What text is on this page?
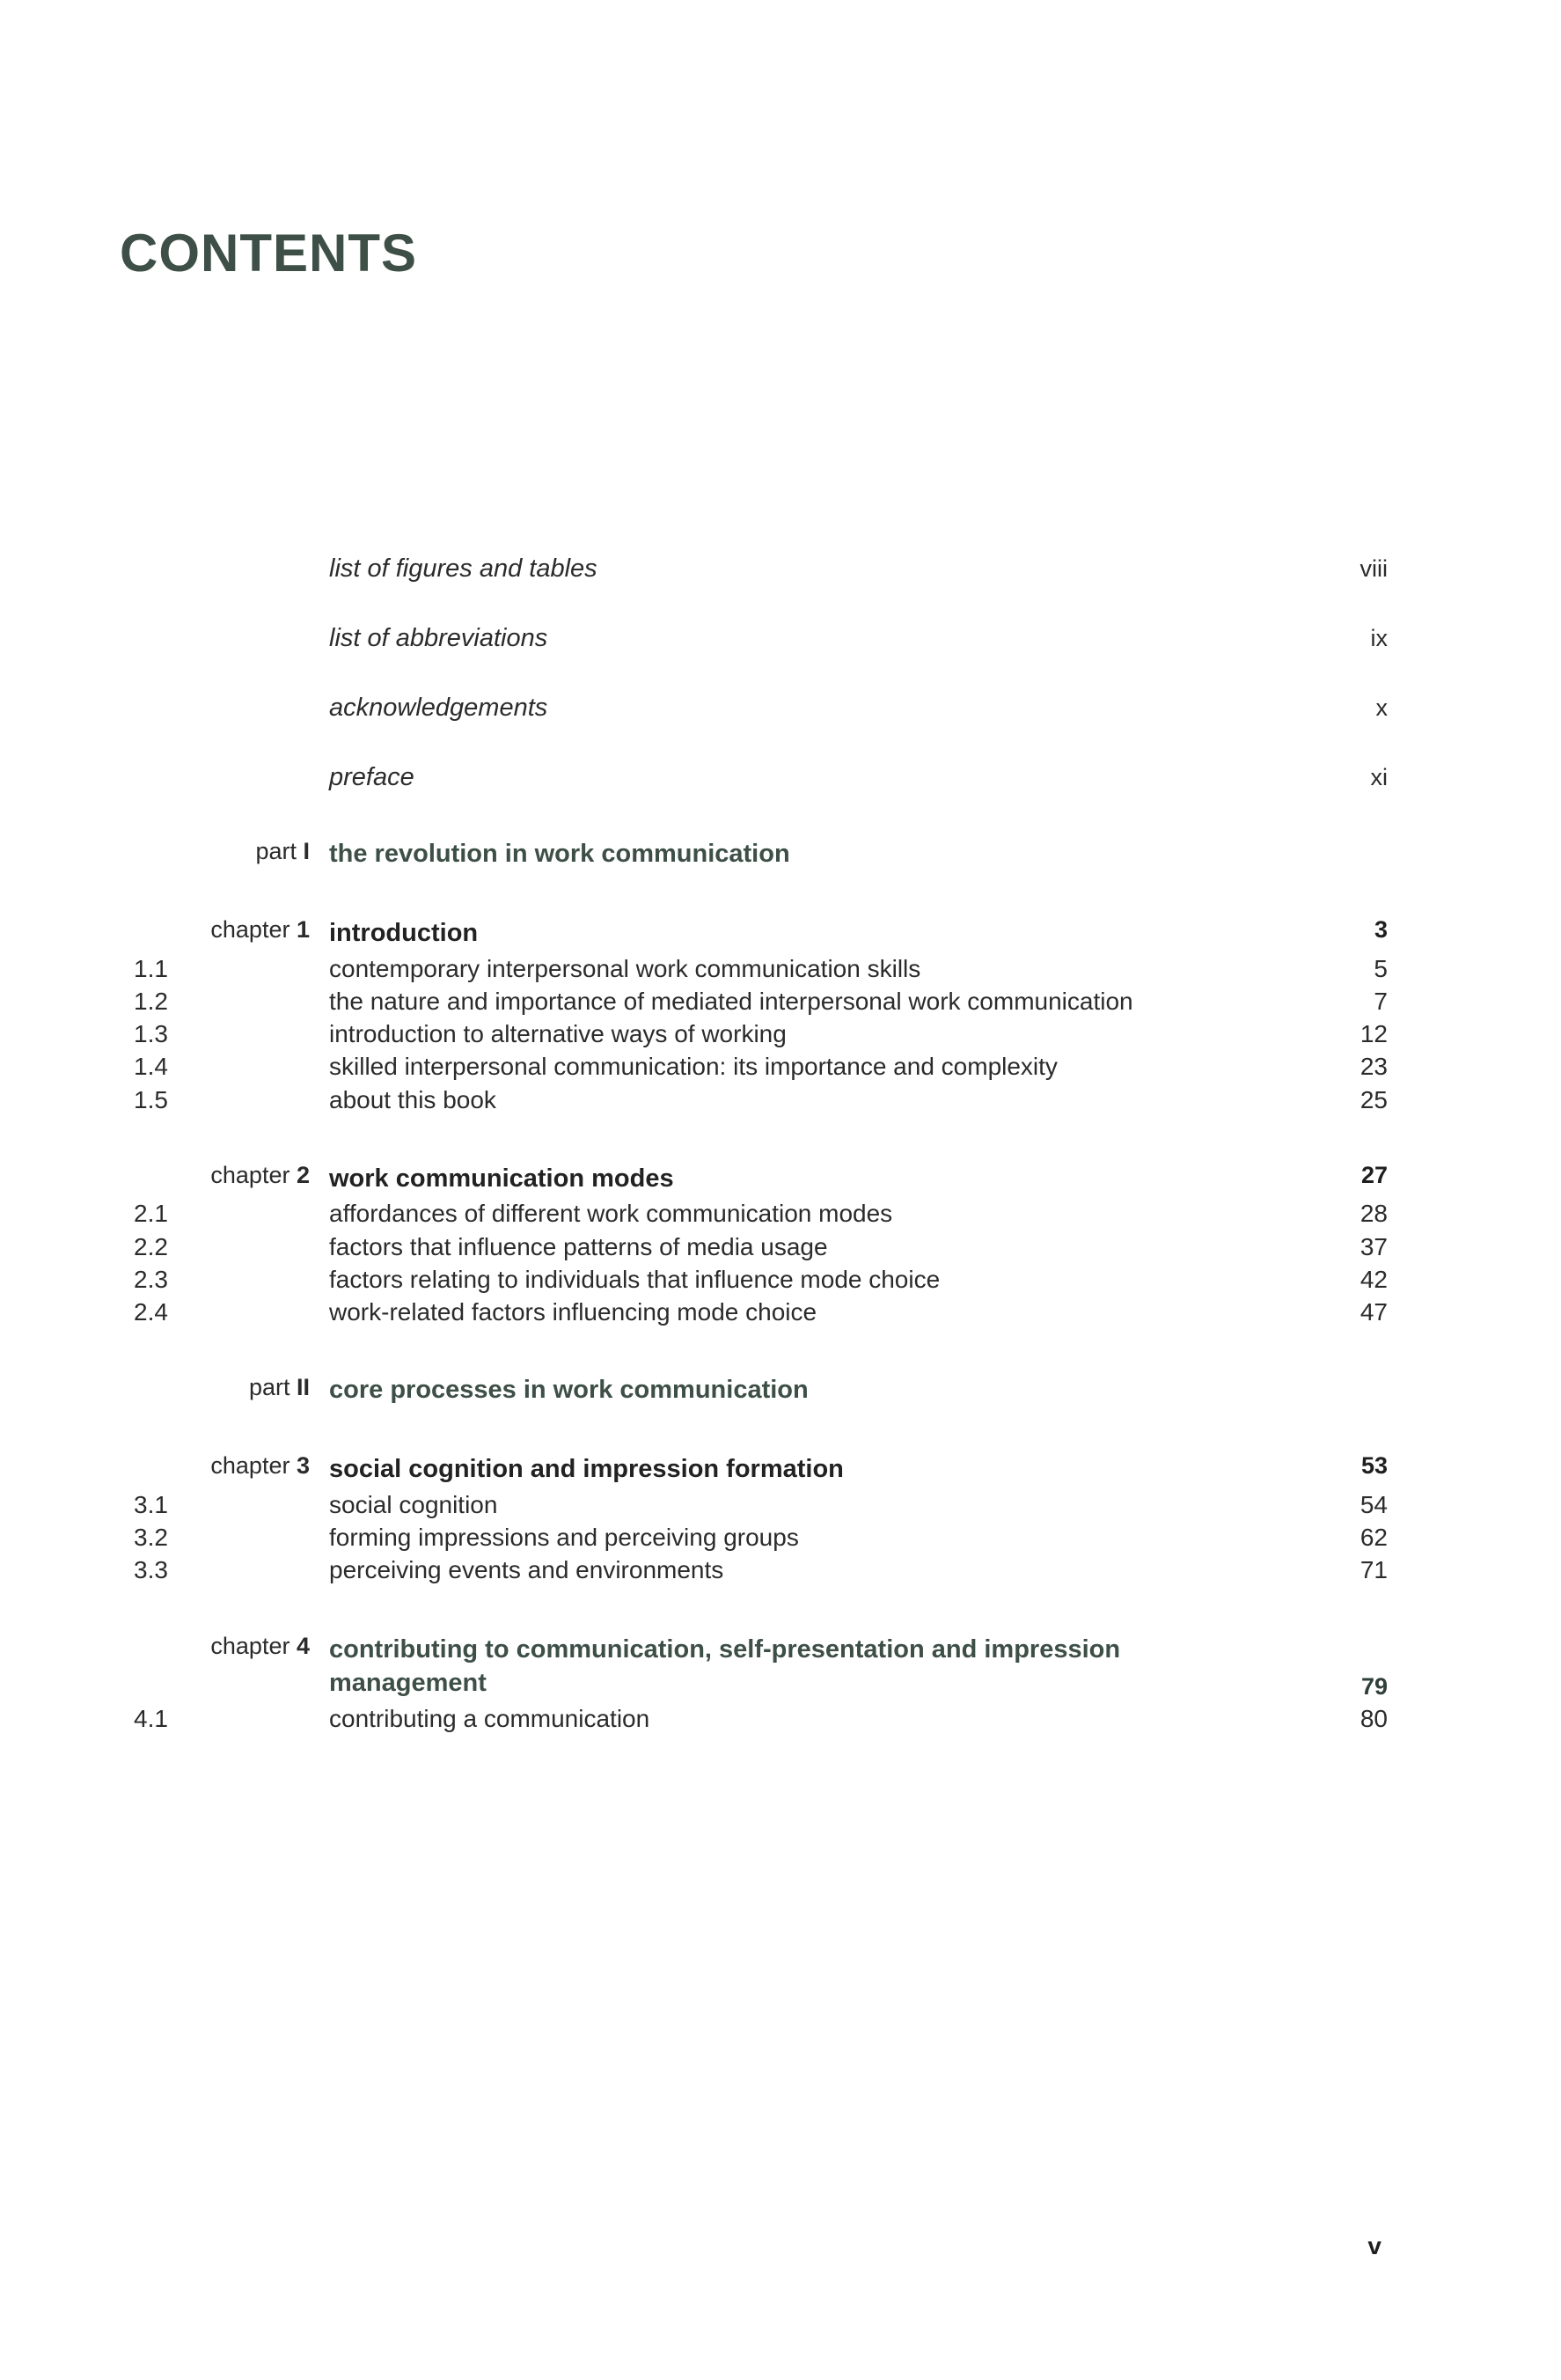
CONTENTS
list of figures and tables	viii
list of abbreviations	ix
acknowledgements	x
preface	xi
part I the revolution in work communication
chapter 1 introduction	3
1.1	contemporary interpersonal work communication skills	5
1.2	the nature and importance of mediated interpersonal work communication	7
1.3	introduction to alternative ways of working	12
1.4	skilled interpersonal communication: its importance and complexity	23
1.5	about this book	25
chapter 2 work communication modes	27
2.1	affordances of different work communication modes	28
2.2	factors that influence patterns of media usage	37
2.3	factors relating to individuals that influence mode choice	42
2.4	work-related factors influencing mode choice	47
part II core processes in work communication
chapter 3 social cognition and impression formation	53
3.1	social cognition	54
3.2	forming impressions and perceiving groups	62
3.3	perceiving events and environments	71
chapter 4 contributing to communication, self-presentation and impression management	79
4.1	contributing a communication	80
v
